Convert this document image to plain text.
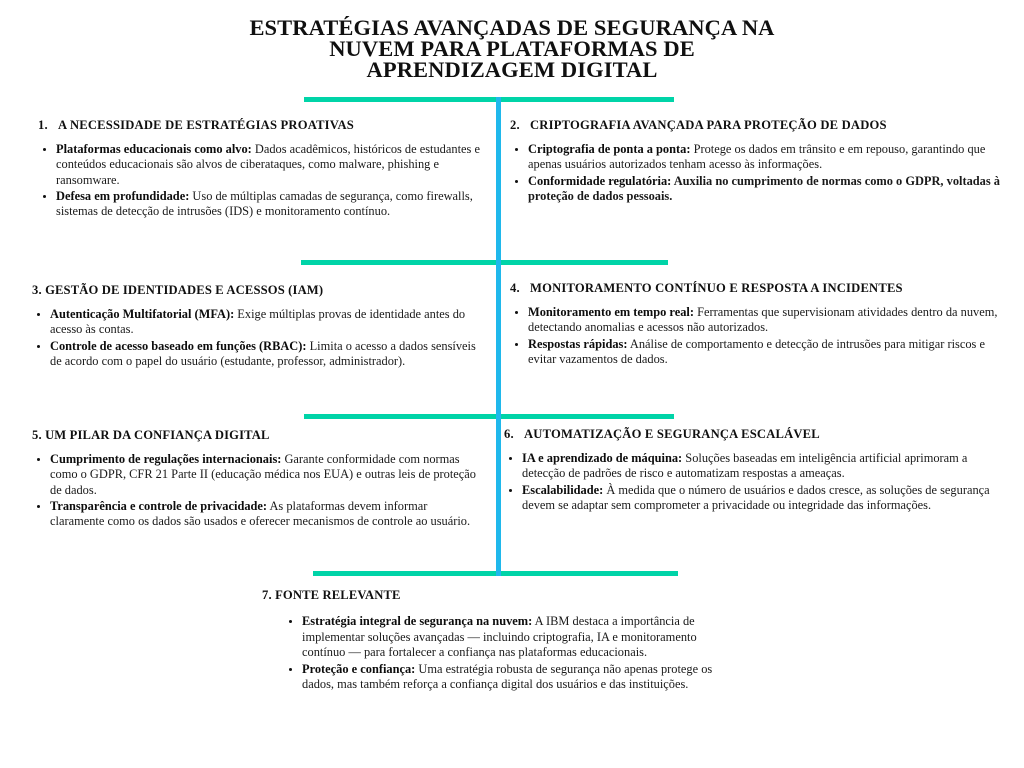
ESTRATÉGIAS AVANÇADAS DE SEGURANÇA NA
NUVEM PARA PLATAFORMAS DE
APRENDIZAGEM DIGITAL
1. A NECESSIDADE DE ESTRATÉGIAS PROATIVAS
Plataformas educacionais como alvo: Dados acadêmicos, históricos de estudantes e conteúdos educacionais são alvos de ciberataques, como malware, phishing e ransomware.
Defesa em profundidade: Uso de múltiplas camadas de segurança, como firewalls, sistemas de detecção de intrusões (IDS) e monitoramento contínuo.
2. CRIPTOGRAFIA AVANÇADA PARA PROTEÇÃO DE DADOS
Criptografia de ponta a ponta: Protege os dados em trânsito e em repouso, garantindo que apenas usuários autorizados tenham acesso às informações.
Conformidade regulatória: Auxilia no cumprimento de normas como o GDPR, voltadas à proteção de dados pessoais.
3. GESTÃO DE IDENTIDADES E ACESSOS (IAM)
Autenticação Multifatorial (MFA): Exige múltiplas provas de identidade antes do acesso às contas.
Controle de acesso baseado em funções (RBAC): Limita o acesso a dados sensíveis de acordo com o papel do usuário (estudante, professor, administrador).
4. MONITORAMENTO CONTÍNUO E RESPOSTA A INCIDENTES
Monitoramento em tempo real: Ferramentas que supervisionam atividades dentro da nuvem, detectando anomalias e acessos não autorizados.
Respostas rápidas: Análise de comportamento e detecção de intrusões para mitigar riscos e evitar vazamentos de dados.
5. UM PILAR DA CONFIANÇA DIGITAL
Cumprimento de regulações internacionais: Garante conformidade com normas como o GDPR, CFR 21 Parte II (educação médica nos EUA) e outras leis de proteção de dados.
Transparência e controle de privacidade: As plataformas devem informar claramente como os dados são usados e oferecer mecanismos de controle ao usuário.
6. AUTOMATIZAÇÃO E SEGURANÇA ESCALÁVEL
IA e aprendizado de máquina: Soluções baseadas em inteligência artificial aprimoram a detecção de padrões de risco e automatizam respostas a ameaças.
Escalabilidade: À medida que o número de usuários e dados cresce, as soluções de segurança devem se adaptar sem comprometer a privacidade ou integridade das informações.
7. FONTE RELEVANTE
Estratégia integral de segurança na nuvem: A IBM destaca a importância de implementar soluções avançadas — incluindo criptografia, IA e monitoramento contínuo — para fortalecer a confiança nas plataformas educacionais.
Proteção e confiança: Uma estratégia robusta de segurança não apenas protege os dados, mas também reforça a confiança digital dos usuários e das instituições.
